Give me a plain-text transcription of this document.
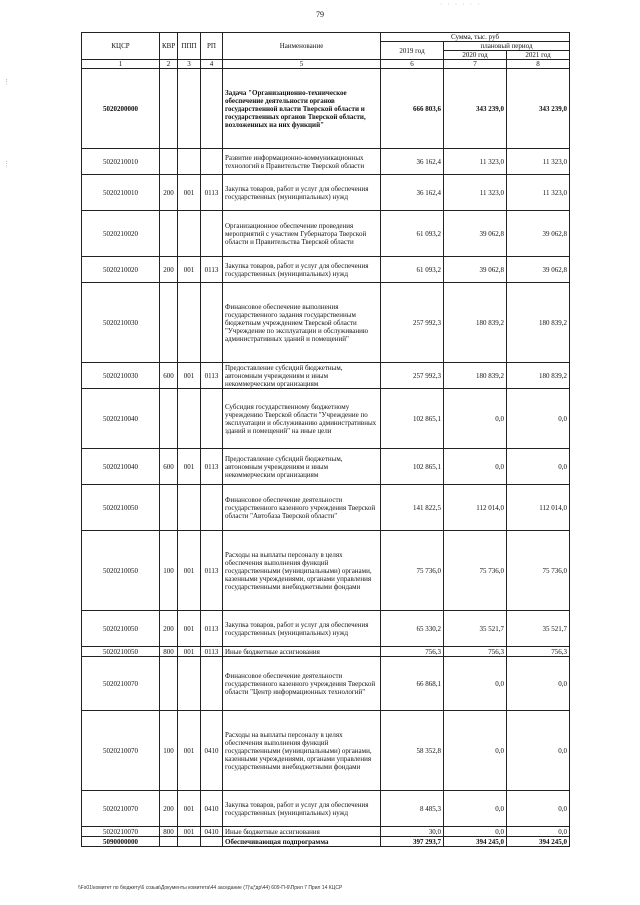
79
· · · · · ·
⋮
⋮
КЦСР	КВР	ППП	РП	Наименование	Сумма, тыс. руб		
					2019 год	плановый период	
						2020 год	2021 год
1	2	3	4	5	6	7	8
5020200000				Задача "Организационно-техническое обеспечение деятельности органов государственной власти Тверской области и государственных органов Тверской области, возложенных на них функций"	666 803,6	343 239,0	343 239,0
5020210010				Развитие информационно-коммуникационных технологий в Правительстве Тверской области	36 162,4	11 323,0	11 323,0
5020210010	200	001	0113	Закупка товаров, работ и услуг для обеспечения государственных (муниципальных) нужд	36 162,4	11 323,0	11 323,0
5020210020				Организационное обеспечение проведения мероприятий с участием Губернатора Тверской области и Правительства Тверской области	61 093,2	39 062,8	39 062,8
5020210020	200	001	0113	Закупка товаров, работ и услуг для обеспечения государственных (муниципальных) нужд	61 093,2	39 062,8	39 062,8
5020210030				Финансовое обеспечение выполнения государственного задания государственным бюджетным учреждением Тверской области "Учреждение по эксплуатации и обслуживанию административных зданий и помещений"	257 992,3	180 839,2	180 839,2
5020210030	600	001	0113	Предоставление субсидий бюджетным, автономным учреждениям и иным некоммерческим организациям	257 992,3	180 839,2	180 839,2
5020210040				Субсидия государственному бюджетному учреждению Тверской области "Учреждение по эксплуатации и обслуживанию административных зданий и помещений" на иные цели	102 865,1	0,0	0,0
5020210040	600	001	0113	Предоставление субсидий бюджетным, автономным учреждениям и иным некоммерческим организациям	102 865,1	0,0	0,0
5020210050				Финансовое обеспечение деятельности государственного казенного учреждения Тверской области "Автобаза Тверской области"	141 822,5	112 014,0	112 014,0
5020210050	100	001	0113	Расходы на выплаты персоналу в целях обеспечения выполнения функций государственными (муниципальными) органами, казенными учреждениями, органами управления государственными внебюджетными фондами	75 736,0	75 736,0	75 736,0
5020210050	200	001	0113	Закупка товаров, работ и услуг для обеспечения государственных (муниципальных) нужд	65 330,2	35 521,7	35 521,7
5020210050	800	001	0113	Иные бюджетные ассигнования	756,3	756,3	756,3
5020210070				Финансовое обеспечение деятельности государственного казенного учреждения Тверской области "Центр информационных технологий"	66 868,1	0,0	0,0
5020210070	100	001	0410	Расходы на выплаты персоналу в целях обеспечения выполнения функций государственными (муниципальными) органами, казенными учреждениями, органами управления государственными внебюджетными фондами	58 352,8	0,0	0,0
5020210070	200	001	0410	Закупка товаров, работ и услуг для обеспечения государственных (муниципальных) нужд	8 485,3	0,0	0,0
5020210070	800	001	0410	Иные бюджетные ассигнования	30,0	0,0	0,0
5090000000				Обеспечивающая подпрограмма	397 293,7	394 245,0	394 245,0
\\Fs01\комитет по бюджету\6 созыв\Документы комитета\44 заседание (7)\ц*др\44) 609-П-6\Прил 7 Прил 14 КЦСР
